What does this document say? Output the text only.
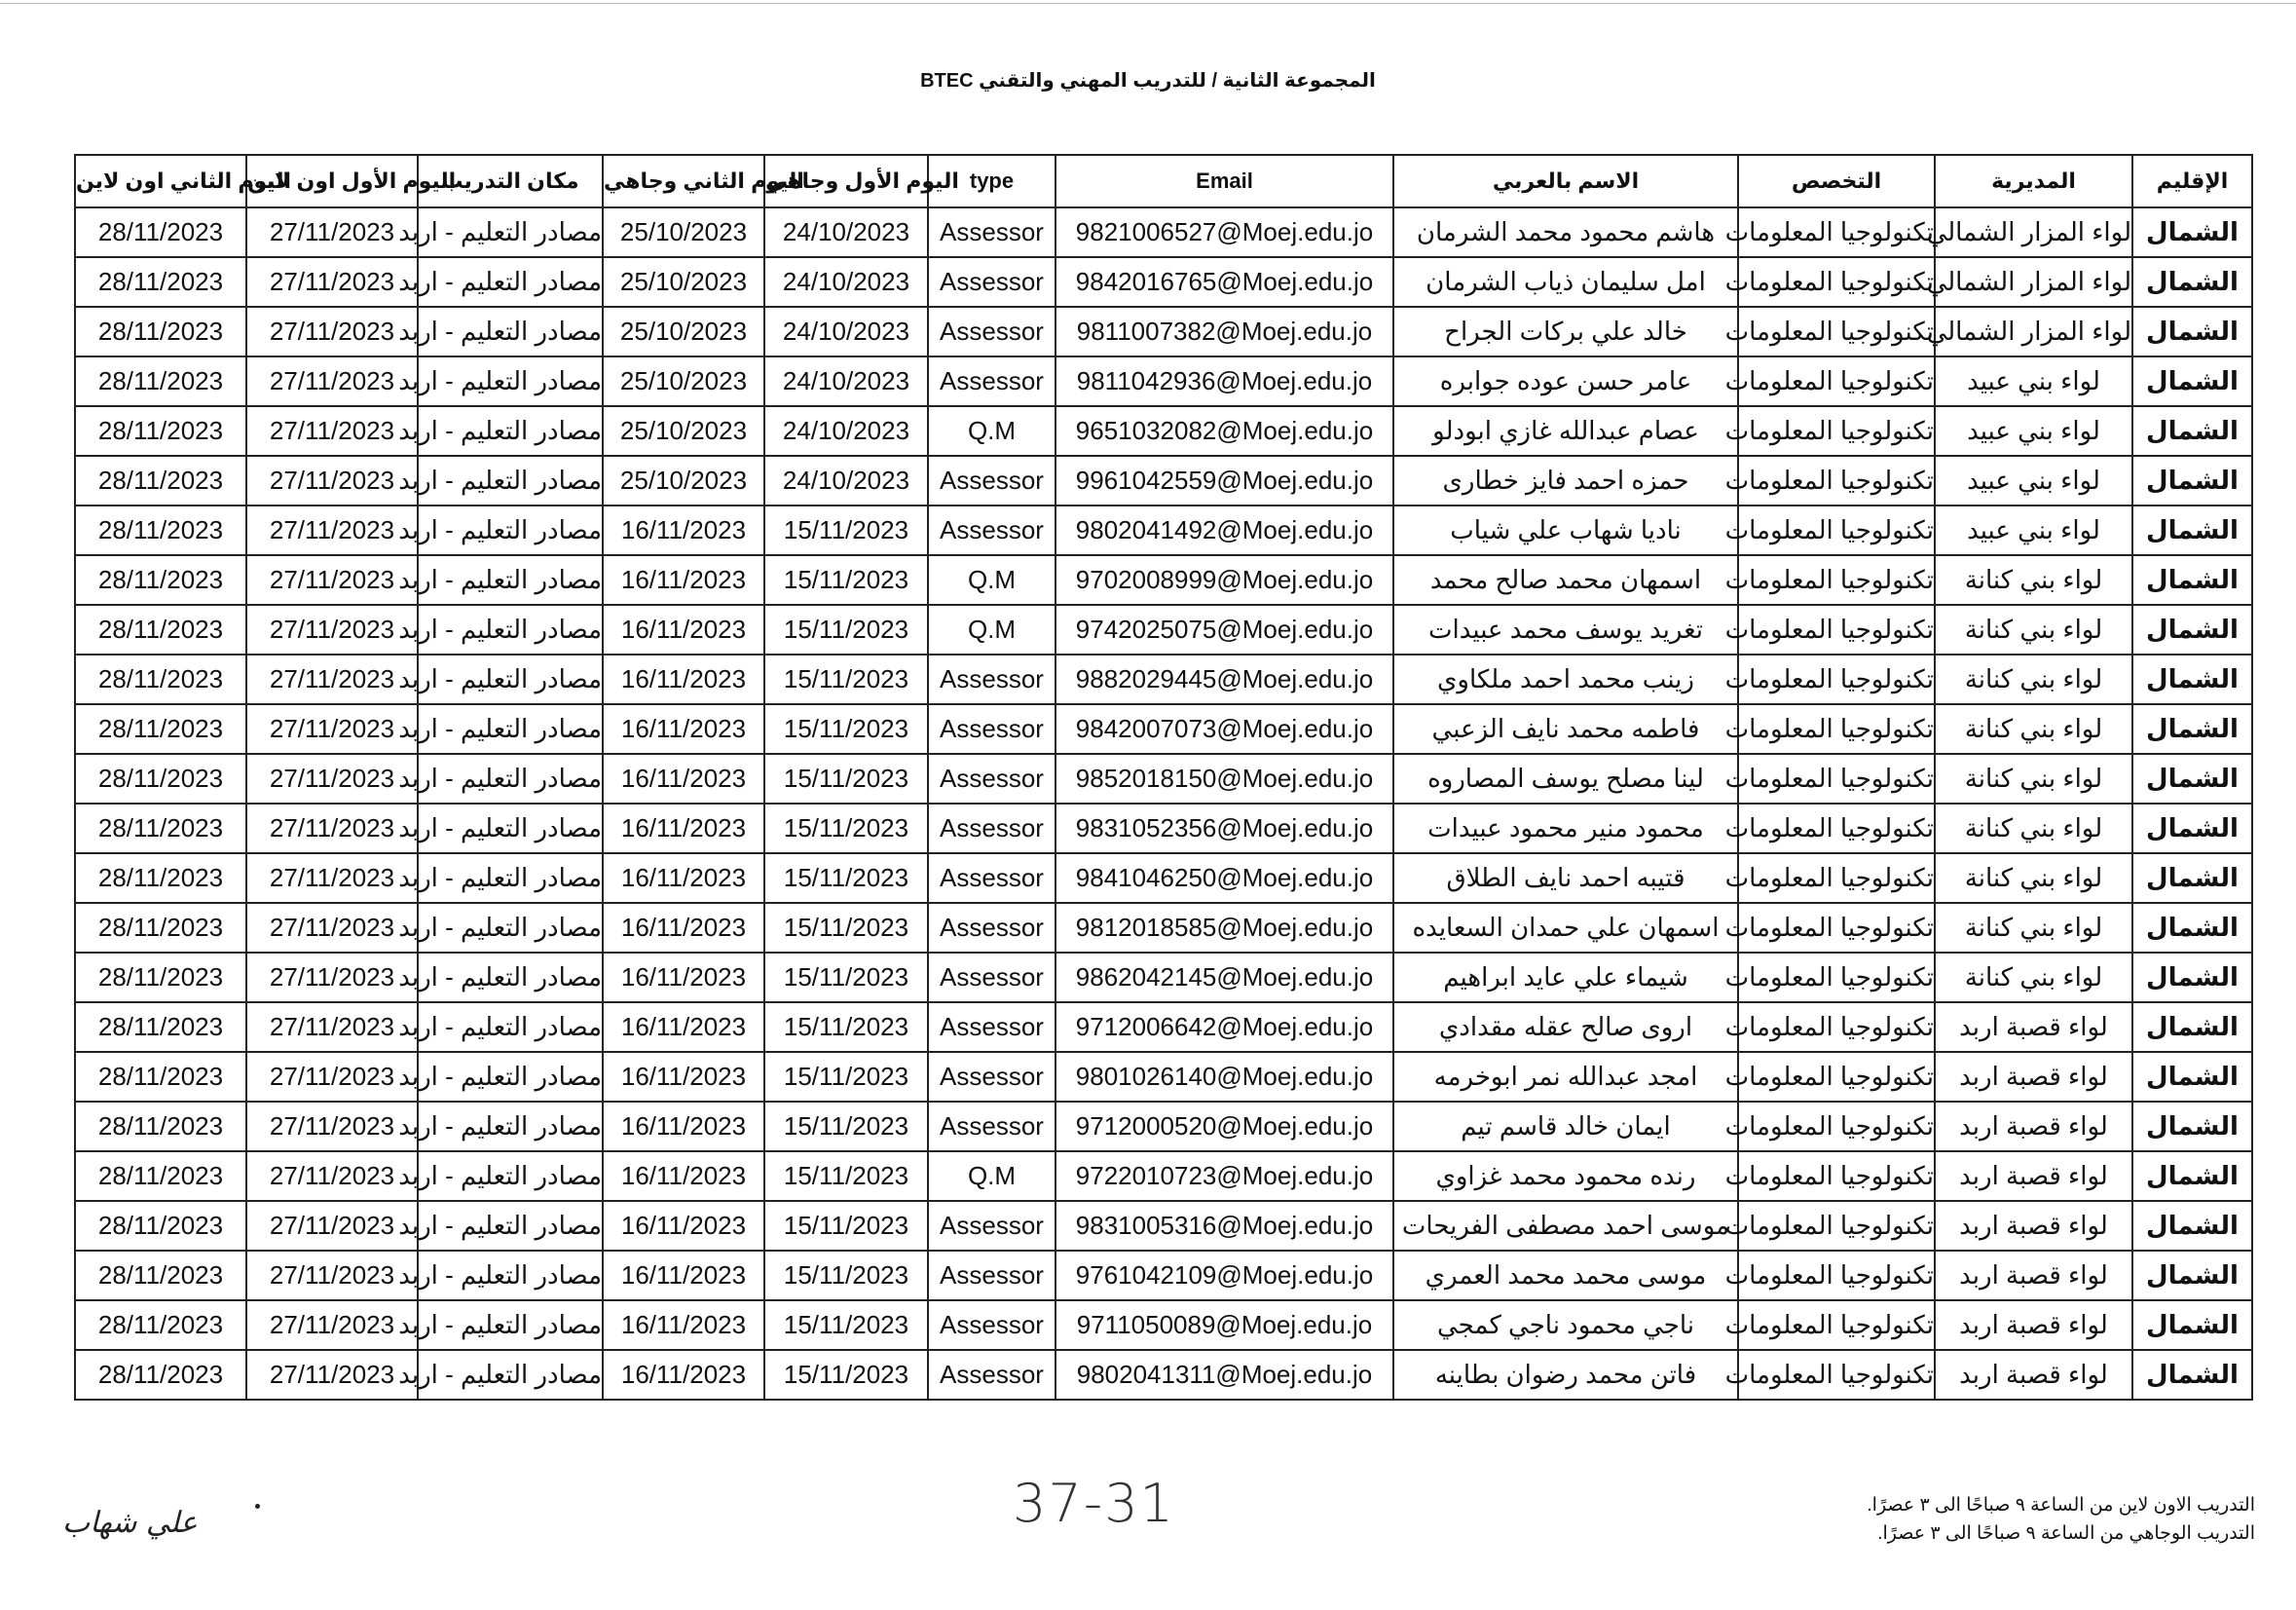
المجموعة الثانية / للتدريب المهني والتقني BTEC
اليوم الثاني اون لاين	اليوم الأول اون لاين	مكان التدريب	اليوم الثاني وجاهي	اليوم الأول وجاهي	type	Email	الاسم بالعربي	التخصص	المديرية	الإقليم
28/11/2023	27/11/2023	مصادر التعليم - اربد	25/10/2023	24/10/2023	Assessor	9821006527@Moej.edu.jo	هاشم محمود محمد الشرمان	تكنولوجيا المعلومات	لواء المزار الشمالي	الشمال
28/11/2023	27/11/2023	مصادر التعليم - اربد	25/10/2023	24/10/2023	Assessor	9842016765@Moej.edu.jo	امل سليمان ذياب الشرمان	تكنولوجيا المعلومات	لواء المزار الشمالي	الشمال
28/11/2023	27/11/2023	مصادر التعليم - اربد	25/10/2023	24/10/2023	Assessor	9811007382@Moej.edu.jo	خالد علي بركات الجراح	تكنولوجيا المعلومات	لواء المزار الشمالي	الشمال
28/11/2023	27/11/2023	مصادر التعليم - اربد	25/10/2023	24/10/2023	Assessor	9811042936@Moej.edu.jo	عامر حسن عوده جوابره	تكنولوجيا المعلومات	لواء بني عبيد	الشمال
28/11/2023	27/11/2023	مصادر التعليم - اربد	25/10/2023	24/10/2023	Q.M	9651032082@Moej.edu.jo	عصام عبدالله غازي ابودلو	تكنولوجيا المعلومات	لواء بني عبيد	الشمال
28/11/2023	27/11/2023	مصادر التعليم - اربد	25/10/2023	24/10/2023	Assessor	9961042559@Moej.edu.jo	حمزه احمد فايز خطارى	تكنولوجيا المعلومات	لواء بني عبيد	الشمال
28/11/2023	27/11/2023	مصادر التعليم - اربد	16/11/2023	15/11/2023	Assessor	9802041492@Moej.edu.jo	ناديا شهاب علي شياب	تكنولوجيا المعلومات	لواء بني عبيد	الشمال
28/11/2023	27/11/2023	مصادر التعليم - اربد	16/11/2023	15/11/2023	Q.M	9702008999@Moej.edu.jo	اسمهان محمد صالح محمد	تكنولوجيا المعلومات	لواء بني كنانة	الشمال
28/11/2023	27/11/2023	مصادر التعليم - اربد	16/11/2023	15/11/2023	Q.M	9742025075@Moej.edu.jo	تغريد يوسف محمد عبيدات	تكنولوجيا المعلومات	لواء بني كنانة	الشمال
28/11/2023	27/11/2023	مصادر التعليم - اربد	16/11/2023	15/11/2023	Assessor	9882029445@Moej.edu.jo	زينب محمد احمد ملكاوي	تكنولوجيا المعلومات	لواء بني كنانة	الشمال
28/11/2023	27/11/2023	مصادر التعليم - اربد	16/11/2023	15/11/2023	Assessor	9842007073@Moej.edu.jo	فاطمه محمد نايف الزعبي	تكنولوجيا المعلومات	لواء بني كنانة	الشمال
28/11/2023	27/11/2023	مصادر التعليم - اربد	16/11/2023	15/11/2023	Assessor	9852018150@Moej.edu.jo	لينا مصلح يوسف المصاروه	تكنولوجيا المعلومات	لواء بني كنانة	الشمال
28/11/2023	27/11/2023	مصادر التعليم - اربد	16/11/2023	15/11/2023	Assessor	9831052356@Moej.edu.jo	محمود منير محمود عبيدات	تكنولوجيا المعلومات	لواء بني كنانة	الشمال
28/11/2023	27/11/2023	مصادر التعليم - اربد	16/11/2023	15/11/2023	Assessor	9841046250@Moej.edu.jo	قتيبه احمد نايف الطلاق	تكنولوجيا المعلومات	لواء بني كنانة	الشمال
28/11/2023	27/11/2023	مصادر التعليم - اربد	16/11/2023	15/11/2023	Assessor	9812018585@Moej.edu.jo	اسمهان علي حمدان السعايده	تكنولوجيا المعلومات	لواء بني كنانة	الشمال
28/11/2023	27/11/2023	مصادر التعليم - اربد	16/11/2023	15/11/2023	Assessor	9862042145@Moej.edu.jo	شيماء علي عايد ابراهيم	تكنولوجيا المعلومات	لواء بني كنانة	الشمال
28/11/2023	27/11/2023	مصادر التعليم - اربد	16/11/2023	15/11/2023	Assessor	9712006642@Moej.edu.jo	اروى صالح عقله مقدادي	تكنولوجيا المعلومات	لواء قصبة اربد	الشمال
28/11/2023	27/11/2023	مصادر التعليم - اربد	16/11/2023	15/11/2023	Assessor	9801026140@Moej.edu.jo	امجد عبدالله نمر ابوخرمه	تكنولوجيا المعلومات	لواء قصبة اربد	الشمال
28/11/2023	27/11/2023	مصادر التعليم - اربد	16/11/2023	15/11/2023	Assessor	9712000520@Moej.edu.jo	ايمان خالد قاسم تيم	تكنولوجيا المعلومات	لواء قصبة اربد	الشمال
28/11/2023	27/11/2023	مصادر التعليم - اربد	16/11/2023	15/11/2023	Q.M	9722010723@Moej.edu.jo	رنده محمود محمد غزاوي	تكنولوجيا المعلومات	لواء قصبة اربد	الشمال
28/11/2023	27/11/2023	مصادر التعليم - اربد	16/11/2023	15/11/2023	Assessor	9831005316@Moej.edu.jo	موسى احمد مصطفى الفريحات	تكنولوجيا المعلومات	لواء قصبة اربد	الشمال
28/11/2023	27/11/2023	مصادر التعليم - اربد	16/11/2023	15/11/2023	Assessor	9761042109@Moej.edu.jo	موسى محمد محمد العمري	تكنولوجيا المعلومات	لواء قصبة اربد	الشمال
28/11/2023	27/11/2023	مصادر التعليم - اربد	16/11/2023	15/11/2023	Assessor	9711050089@Moej.edu.jo	ناجي محمود ناجي كمجي	تكنولوجيا المعلومات	لواء قصبة اربد	الشمال
28/11/2023	27/11/2023	مصادر التعليم - اربد	16/11/2023	15/11/2023	Assessor	9802041311@Moej.edu.jo	فاتن محمد رضوان بطاينه	تكنولوجيا المعلومات	لواء قصبة اربد	الشمال
التدريب الاون لاين من الساعة ٩ صباحًا الى ٣ عصرًا.
التدريب الوجاهي من الساعة ٩ صباحًا الى ٣ عصرًا.
37-31
علي شهاب
